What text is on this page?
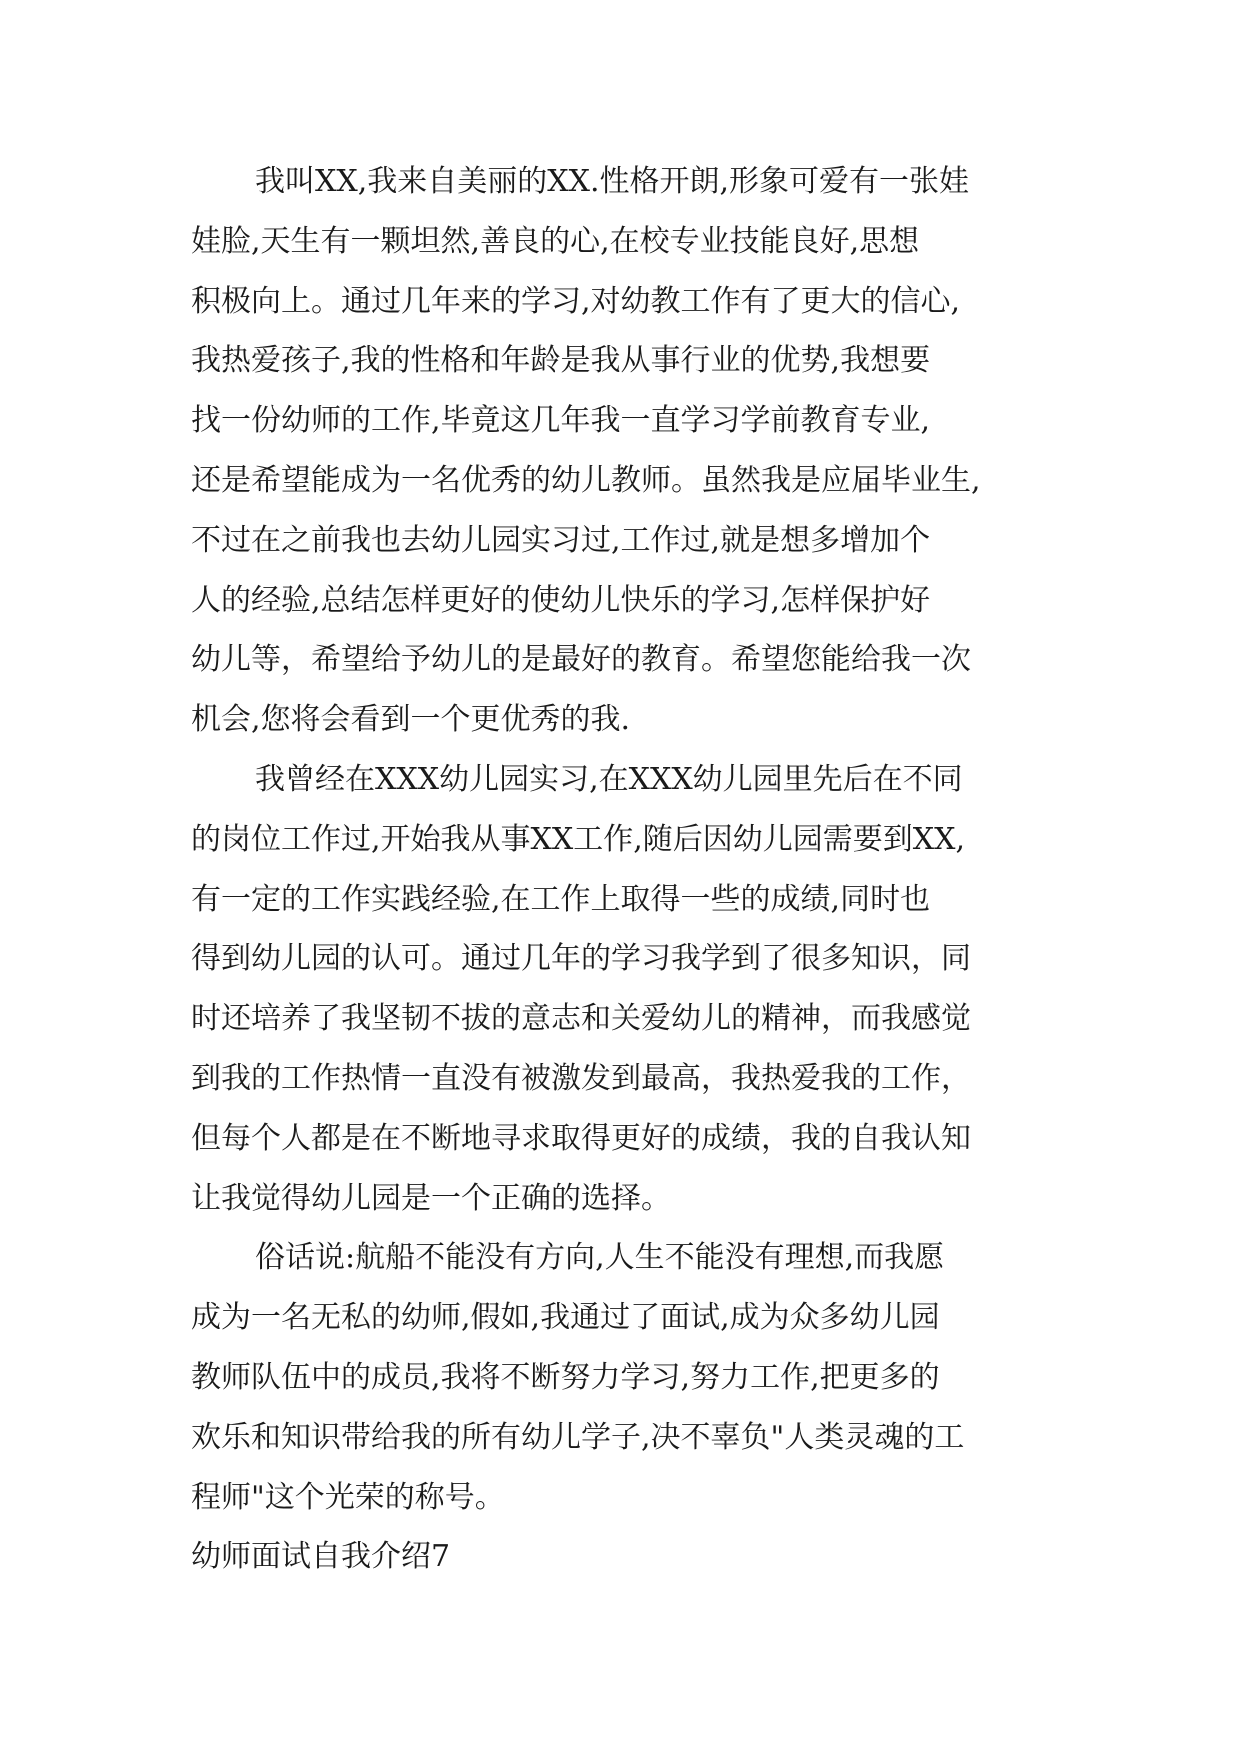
我叫XX,我来自美丽的XX.性格开朗,形象可爱有一张娃
娃脸,天生有一颗坦然,善良的心,在校专业技能良好,思想
积极向上。通过几年来的学习,对幼教工作有了更大的信心,
我热爱孩子,我的性格和年龄是我从事行业的优势,我想要
找一份幼师的工作,毕竟这几年我一直学习学前教育专业,
还是希望能成为一名优秀的幼儿教师。虽然我是应届毕业生,
不过在之前我也去幼儿园实习过,工作过,就是想多增加个
人的经验,总结怎样更好的使幼儿快乐的学习,怎样保护好
幼儿等，希望给予幼儿的是最好的教育。希望您能给我一次
机会,您将会看到一个更优秀的我.
我曾经在XXX幼儿园实习,在XXX幼儿园里先后在不同
的岗位工作过,开始我从事XX工作,随后因幼儿园需要到XX,
有一定的工作实践经验,在工作上取得一些的成绩,同时也
得到幼儿园的认可。通过几年的学习我学到了很多知识，同
时还培养了我坚韧不拔的意志和关爱幼儿的精神，而我感觉
到我的工作热情一直没有被激发到最高，我热爱我的工作，
但每个人都是在不断地寻求取得更好的成绩，我的自我认知
让我觉得幼儿园是一个正确的选择。
俗话说:航船不能没有方向,人生不能没有理想,而我愿
成为一名无私的幼师,假如,我通过了面试,成为众多幼儿园
教师队伍中的成员,我将不断努力学习,努力工作,把更多的
欢乐和知识带给我的所有幼儿学子,决不辜负"人类灵魂的工
程师"这个光荣的称号。
幼师面试自我介绍7
